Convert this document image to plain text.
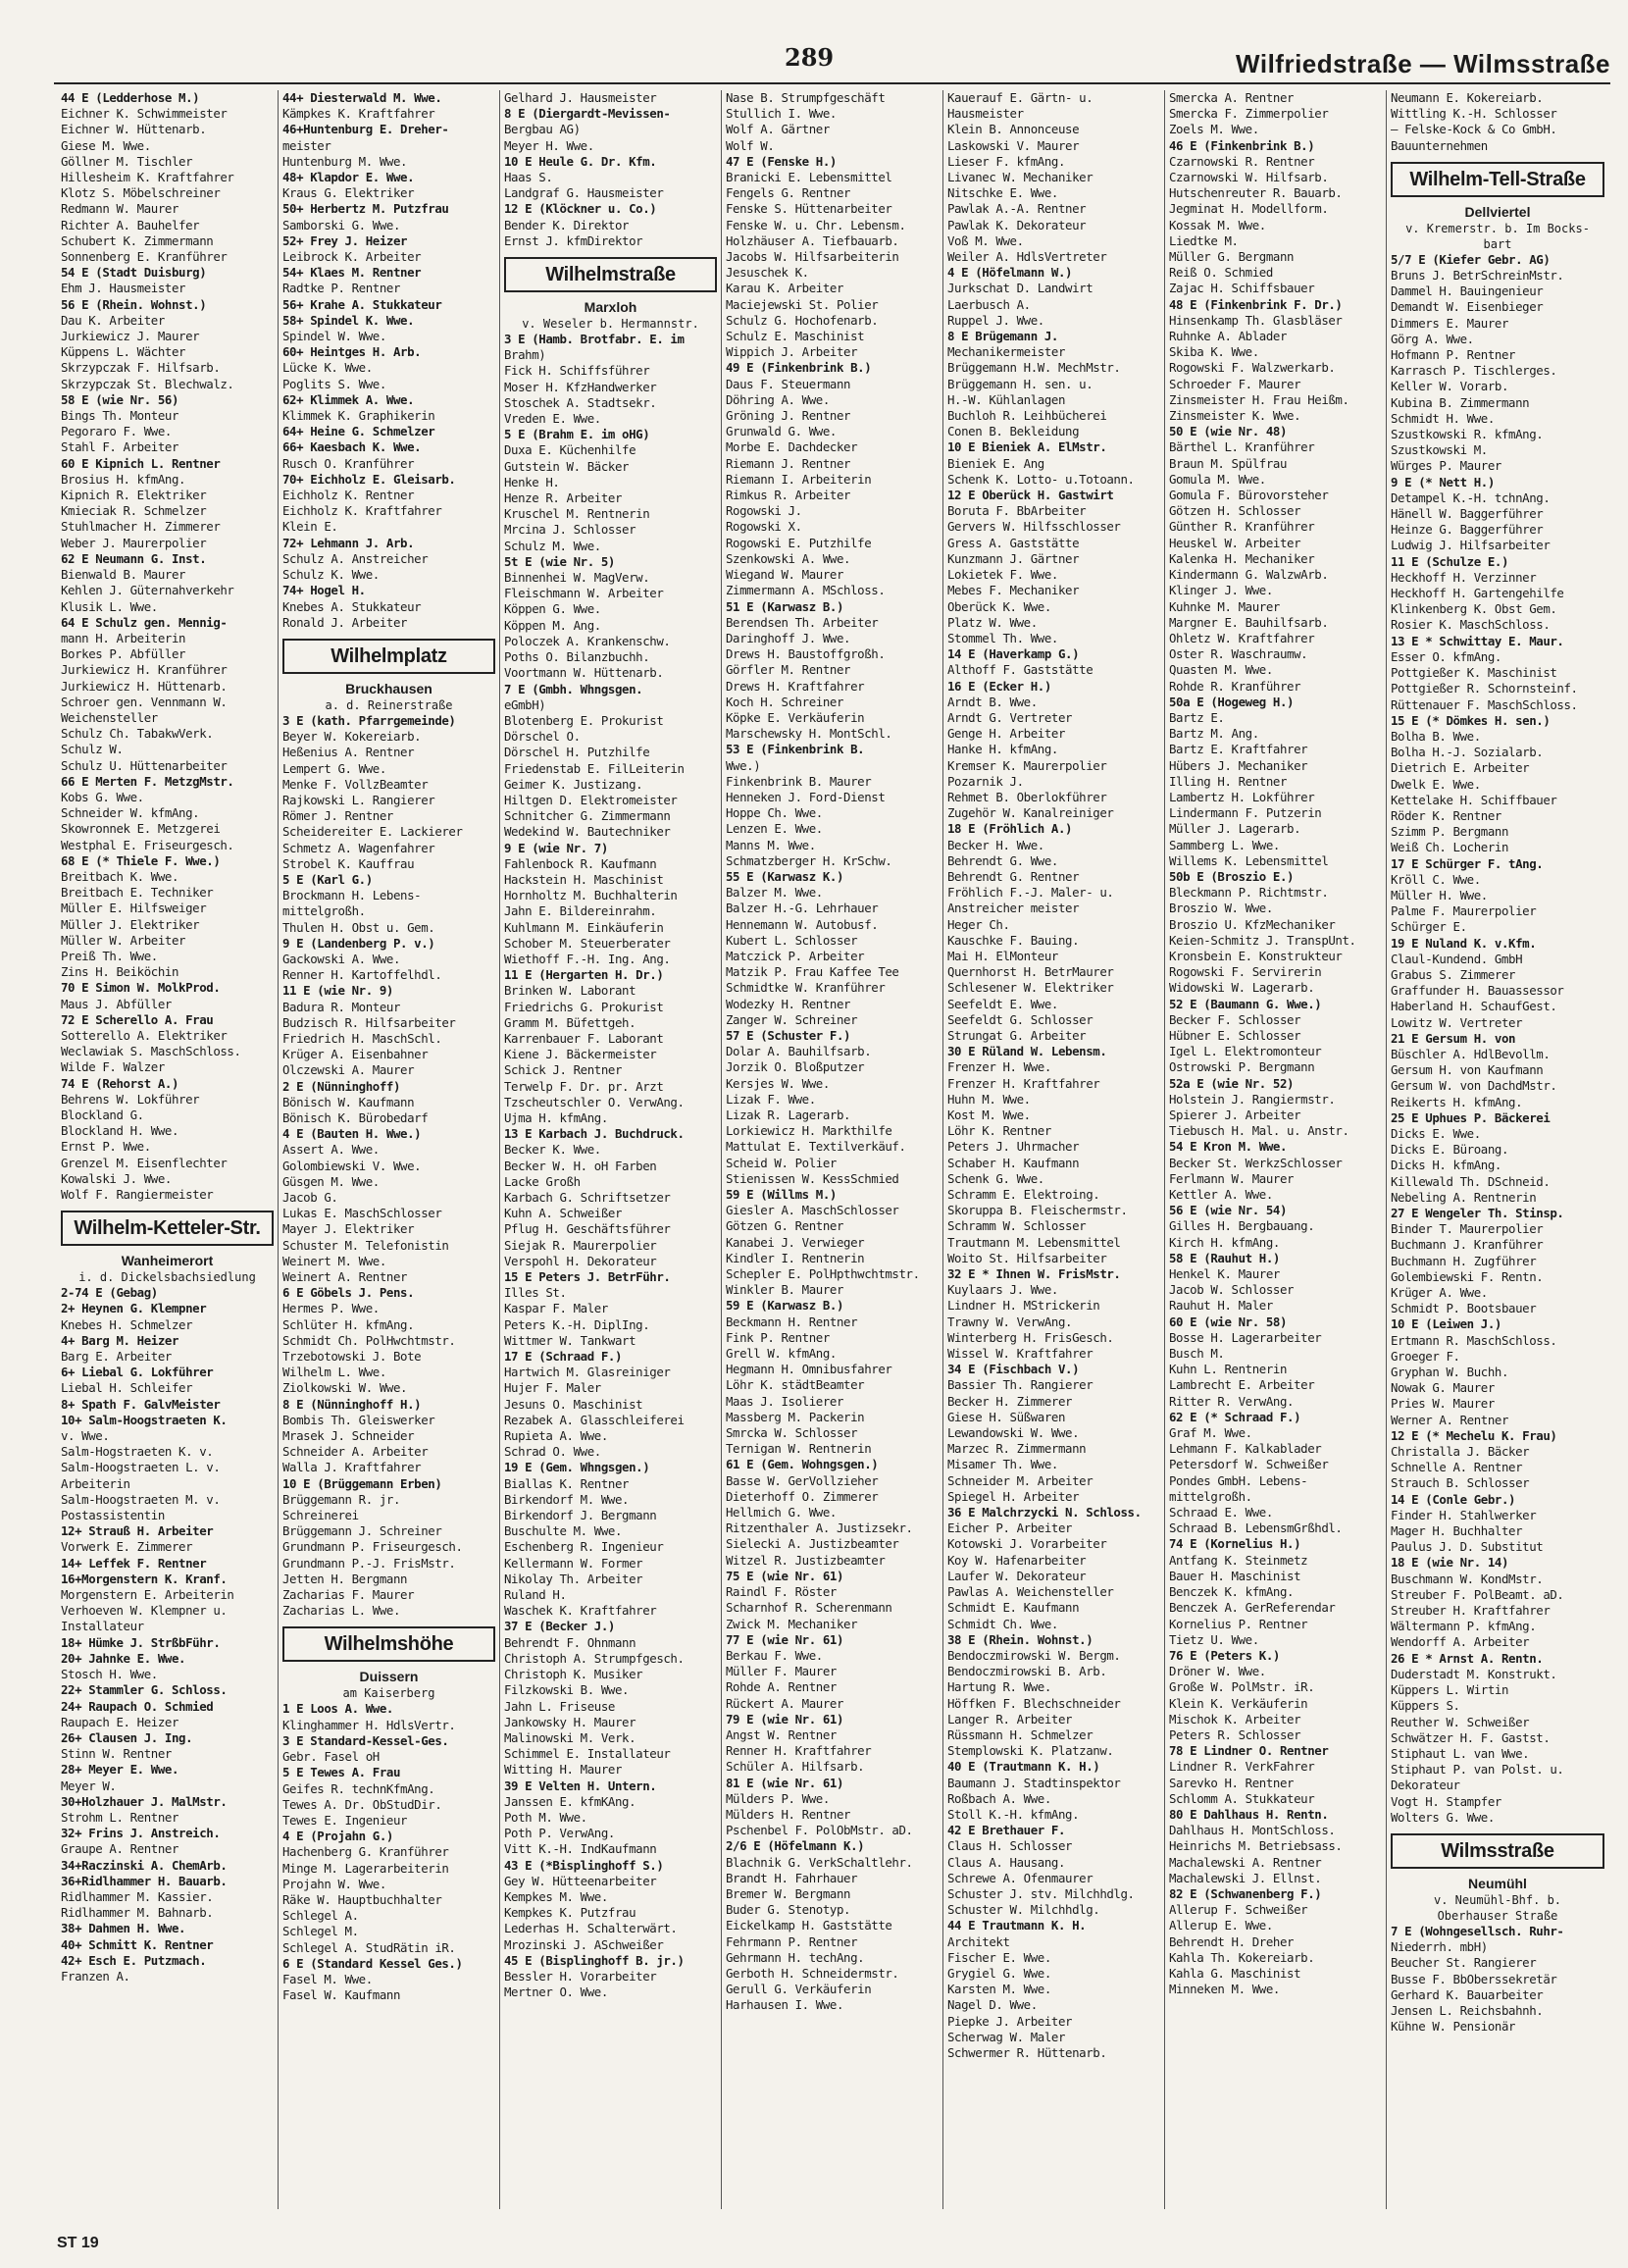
289	Wilfriedstraße — Wilmsstraße
44 E (Ledderhose M.)
Eichner K. Schwimmeister
Eichner W. Hüttenarb.
Giese M. Wwe.
Göllner M. Tischler
Hillesheim K. Kraftfahrer
Klotz S. Möbelschreiner
Redmann W. Maurer
Richter A. Bauhelfer
Schubert K. Zimmermann
Sonnenberg E. Kranführer
54 E (Stadt Duisburg)
Ehm J. Hausmeister
56 E (Rhein. Wohnst.)
Dau K. Arbeiter
Jurkiewicz J. Maurer
Küppens L. Wächter
Skrzypczak F. Hilfsarb.
Skrzypczak St. Blechwalz.
58 E (wie Nr. 56)
Bings Th. Monteur
Pegoraro F. Wwe.
Stahl F. Arbeiter
60 E Kipnich L. Rentner
Brosius H. kfmAng.
Kipnich R. Elektriker
Kmieciak R. Schmelzer
Stuhlmacher H. Zimmerer
Weber J. Maurerpolier
62 E Neumann G. Inst.
Bienwald B. Maurer
Kehlen J. Güternahverkehr
Klusik L. Wwe.
64 E Schulz gen. Mennig-
mann H. Arbeiterin
Borkes P. Abfüller
Jurkiewicz H. Kranführer
Jurkiewicz H. Hüttenarb.
Schroer gen. Vennmann W.
Weichensteller
Schulz Ch. TabakwVerk.
Schulz W.
Schulz U. Hüttenarbeiter
66 E Merten F. MetzgMstr.
Kobs G. Wwe.
Schneider W. kfmAng.
Skowronnek E. Metzgerei
Westphal E. Friseurgesch.
68 E (* Thiele F. Wwe.)
Breitbach K. Wwe.
Breitbach E. Techniker
Müller E. Hilfsweiger
Müller J. Elektriker
Müller W. Arbeiter
Preiß Th. Wwe.
Zins H. Beiköchin
70 E Simon W. MolkProd.
Maus J. Abfüller
72 E Scherello A. Frau
Sotterello A. Elektriker
Weclawiak S. MaschSchloss.
Wilde F. Walzer
74 E (Rehorst A.)
Behrens W. Lokführer
Blockland G.
Blockland H. Wwe.
Ernst P. Wwe.
Grenzel M. Eisenflechter
Kowalski J. Wwe.
Wolf F. Rangiermeister
Wilhelm-Ketteler-Str.
Wanheimerort
i. d. Dickelsbachsiedlung
2-74 E (Gebag)
2+ Heynen G. Klempner
Knebes H. Schmelzer
4+ Barg M. Heizer
Barg E. Arbeiter
6+ Liebal G. Lokführer
Liebal H. Schleifer
8+ Spath F. GalvMeister
10+ Salm-Hoogstraeten K.
v. Wwe.
Salm-Hogstraeten K. v.
Salm-Hoogstraeten L. v.
Arbeiterin
Salm-Hoogstraeten M. v.
Postassistentin
12+ Strauß H. Arbeiter
Vorwerk E. Zimmerer
14+ Leffek F. Rentner
16+Morgenstern K. Kranf.
Morgenstern E. Arbeiterin
Verhoeven W. Klempner u.
Installateur
18+ Hümke J. StrßbFühr.
20+ Jahnke E. Wwe.
Stosch H. Wwe.
22+ Stammler G. Schloss.
24+ Raupach O. Schmied
Raupach E. Heizer
26+ Clausen J. Ing.
Stinn W. Rentner
28+ Meyer E. Wwe.
Meyer W.
30+Holzhauer J. MalMstr.
Strohm L. Rentner
32+ Frins J. Anstreich.
Graupe A. Rentner
34+Raczinski A. ChemArb.
36+Ridlhammer H. Bauarb.
Ridlhammer M. Kassier.
Ridlhammer M. Bahnarb.
38+ Dahmen H. Wwe.
40+ Schmitt K. Rentner
42+ Esch E. Putzmach.
Franzen A.
44+ Diesterwald M. Wwe.
Kämpkes K. Kraftfahrer
46+Huntenburg E. Dreher-
meister
Huntenburg M. Wwe.
48+ Klapdor E. Wwe.
Kraus G. Elektriker
50+ Herbertz M. Putzfrau
Samborski G. Wwe.
52+ Frey J. Heizer
Leibrock K. Arbeiter
54+ Klaes M. Rentner
Radtke P. Rentner
56+ Krahe A. Stukkateur
58+ Spindel K. Wwe.
Spindel W. Wwe.
60+ Heintges H. Arb.
Lücke K. Wwe.
Poglits S. Wwe.
62+ Klimmek A. Wwe.
Klimmek K. Graphikerin
64+ Heine G. Schmelzer
66+ Kaesbach K. Wwe.
Rusch O. Kranführer
70+ Eichholz E. Gleisarb.
Eichholz K. Rentner
Eichholz K. Kraftfahrer
Klein E.
72+ Lehmann J. Arb.
Schulz A. Anstreicher
Schulz K. Wwe.
74+ Hogel H.
Knebes A. Stukkateur
Ronald J. Arbeiter
Wilhelmplatz
Bruckhausen
a. d. Reinerstraße
3 E (kath. Pfarrgemeinde)
Beyer W. Kokereiarb.
Heßenius A. Rentner
Lempert G. Wwe.
Menke F. VollzBeamter
Rajkowski L. Rangierer
Römer J. Rentner
Scheidereiter E. Lackierer
Schmetz A. Wagenfahrer
Strobel K. Kauffrau
5 E (Karl G.)
Brockmann H. Lebens-
mittelgroßh.
Thulen H. Obst u. Gem.
9 E (Landenberg P. v.)
Gackowski A. Wwe.
Renner H. Kartoffelhdl.
11 E (wie Nr. 9)
Badura R. Monteur
Budzisch R. Hilfsarbeiter
Friedrich H. MaschSchl.
Krüger A. Eisenbahner
Olczewski A. Maurer
2 E (Nünninghoff)
Bönisch W. Kaufmann
Bönisch K. Bürobedarf
4 E (Bauten H. Wwe.)
Assert A. Wwe.
Golombiewski V. Wwe.
Güsgen M. Wwe.
Jacob G.
Lukas E. MaschSchlosser
Mayer J. Elektriker
Schuster M. Telefonistin
Weinert M. Wwe.
Weinert A. Rentner
6 E Göbels J. Pens.
Hermes P. Wwe.
Schlüter H. kfmAng.
Schmidt Ch. PolHwchtmstr.
Trzebotowski J. Bote
Wilhelm L. Wwe.
Ziolkowski W. Wwe.
8 E (Nünninghoff H.)
Bombis Th. Gleiswerker
Mrasek J. Schneider
Schneider A. Arbeiter
Walla J. Kraftfahrer
10 E (Brüggemann Erben)
Brüggemann R. jr.
Schreinerei
Brüggemann J. Schreiner
Grundmann P. Friseurgesch.
Grundmann P.-J. FrisMstr.
Jetten H. Bergmann
Zacharias F. Maurer
Zacharias L. Wwe.
Wilhelmshöhe
Duissern
am Kaiserberg
1 E Loos A. Wwe.
Klinghammer H. HdlsVertr.
3 E Standard-Kessel-Ges.
Gebr. Fasel oH
5 E Tewes A. Frau
Geifes R. technKfmAng.
Tewes A. Dr. ObStudDir.
Tewes E. Ingenieur
4 E (Projahn G.)
Hachenberg G. Kranführer
Minge M. Lagerarbeiterin
Projahn W. Wwe.
Räke W. Hauptbuchhalter
Schlegel A.
Schlegel M.
Schlegel A. StudRätin iR.
6 E (Standard Kessel Ges.)
Fasel M. Wwe.
Fasel W. Kaufmann
Gelhard J. Hausmeister
8 E (Diergardt-Mevissen-
Bergbau AG)
Meyer H. Wwe.
10 E Heule G. Dr. Kfm.
Haas S.
Landgraf G. Hausmeister
12 E (Klöckner u. Co.)
Bender K. Direktor
Ernst J. kfmDirektor
Wilhelmstraße
Marxloh
v. Weseler b. Hermannstr.
3 E (Hamb. Brotfabr. E. im
Brahm)
Fick H. Schiffsführer
Moser H. KfzHandwerker
Stoschek A. Stadtsekr.
Vreden E. Wwe.
5 E (Brahm E. im oHG)
Duxa E. Küchenhilfe
Gutstein W. Bäcker
Henke H.
Henze R. Arbeiter
Kruschel M. Rentnerin
Mrcina J. Schlosser
Schulz M. Wwe.
5t E (wie Nr. 5)
Binnenhei W. MagVerw.
Fleischmann W. Arbeiter
Köppen G. Wwe.
Köppen M. Ang.
Poloczek A. Krankenschw.
Poths O. Bilanzbuchh.
Voortmann W. Hüttenarb.
7 E (Gmbh. Whngsgen.
eGmbH)
Blotenberg E. Prokurist
Dörschel O.
Dörschel H. Putzhilfe
Friedenstab E. FilLeiterin
Geimer K. Justizang.
Hiltgen D. Elektromeister
Schnitcher G. Zimmermann
Wedekind W. Bautechniker
9 E (wie Nr. 7)
Fahlenbock R. Kaufmann
Hackstein H. Maschinist
Hornholtz M. Buchhalterin
Jahn E. Bildereinrahm.
Kuhlmann M. Einkäuferin
Schober M. Steuerberater
Wiethoff F.-H. Ing. Ang.
11 E (Hergarten H. Dr.)
Brinken W. Laborant
Friedrichs G. Prokurist
Gramm M. Büfettgeh.
Karrenbauer F. Laborant
Kiene J. Bäckermeister
Schick J. Rentner
Terwelp F. Dr. pr. Arzt
Tzscheutschler O. VerwAng.
Ujma H. kfmAng.
13 E Karbach J. Buchdruck.
Becker K. Wwe.
Becker W. H. oH Farben
Lacke Großh
Karbach G. Schriftsetzer
Kuhn A. Schweißer
Pflug H. Geschäftsführer
Siejak R. Maurerpolier
Verspohl H. Dekorateur
15 E Peters J. BetrFühr.
Illes St.
Kaspar F. Maler
Peters K.-H. DiplIng.
Wittmer W. Tankwart
17 E (Schraad F.)
Hartwich M. Glasreiniger
Hujer F. Maler
Jesuns O. Maschinist
Rezabek A. Glasschleiferei
Rupieta A. Wwe.
Schrad O. Wwe.
19 E (Gem. Whngsgen.)
Biallas K. Rentner
Birkendorf M. Wwe.
Birkendorf J. Bergmann
Buschulte M. Wwe.
Eschenberg R. Ingenieur
Kellermann W. Former
Nikolay Th. Arbeiter
Ruland H.
Waschek K. Kraftfahrer
37 E (Becker J.)
Behrendt F. Ohnmann
Christoph A. Strumpfgesch.
Christoph K. Musiker
Filzkowski B. Wwe.
Jahn L. Friseuse
Jankowsky H. Maurer
Malinowski M. Verk.
Schimmel E. Installateur
Witting H. Maurer
39 E Velten H. Untern.
Janssen E. kfmKAng.
Poth M. Wwe.
Poth P. VerwAng.
Vitt K.-H. IndKaufmann
43 E (*Bisplinghoff S.)
Gey W. Hütteenarbeiter
Kempkes M. Wwe.
Kempkes K. Putzfrau
Lederhas H. Schalterwärt.
Mrozinski J. ASchweißer
45 E (Bisplinghoff B. jr.)
Bessler H. Vorarbeiter
Mertner O. Wwe.
Nase B. Strumpfgeschäft
Stullich I. Wwe.
Wolf A. Gärtner
Wolf W.
47 E (Fenske H.)
Branicki E. Lebensmittel
Fengels G. Rentner
Fenske S. Hüttenarbeiter
Fenske W. u. Chr. Lebensm.
Holzhäuser A. Tiefbauarb.
Jacobs W. Hilfsarbeiterin
Jesuschek K.
Karau K. Arbeiter
Maciejewski St. Polier
Schulz G. Hochofenarb.
Schulz E. Maschinist
Wippich J. Arbeiter
49 E (Finkenbrink B.)
Daus F. Steuermann
Döhring A. Wwe.
Gröning J. Rentner
Grunwald G. Wwe.
Morbe E. Dachdecker
Riemann J. Rentner
Riemann I. Arbeiterin
Rimkus R. Arbeiter
Rogowski J.
Rogowski X.
Rogowski E. Putzhilfe
Szenkowski A. Wwe.
Wiegand W. Maurer
Zimmermann A. MSchloss.
51 E (Karwasz B.)
Berendsen Th. Arbeiter
Daringhoff J. Wwe.
Drews H. Baustoffgroßh.
Görfler M. Rentner
Drews H. Kraftfahrer
Koch H. Schreiner
Köpke E. Verkäuferin
Marschewsky H. MontSchl.
53 E (Finkenbrink B.
Wwe.)
Finkenbrink B. Maurer
Henneken J. Ford-Dienst
Hoppe Ch. Wwe.
Lenzen E. Wwe.
Manns M. Wwe.
Schmatzberger H. KrSchw.
55 E (Karwasz K.)
Balzer M. Wwe.
Balzer H.-G. Lehrhauer
Hennemann W. Autobusf.
Kubert L. Schlosser
Matczick P. Arbeiter
Matzik P. Frau Kaffee Tee
Schmidtke W. Kranführer
Wodezky H. Rentner
Zanger W. Schreiner
57 E (Schuster F.)
Dolar A. Bauhilfsarb.
Jorzik O. Bloßputzer
Kersjes W. Wwe.
Lizak F. Wwe.
Lizak R. Lagerarb.
Lorkiewicz H. Markthilfe
Mattulat E. Textilverkäuf.
Scheid W. Polier
Stienissen W. KessSchmied
59 E (Willms M.)
Giesler A. MaschSchlosser
Götzen G. Rentner
Kanabei J. Verwieger
Kindler I. Rentnerin
Schepler E. PolHpthwchtmstr.
Winkler B. Maurer
59 E (Karwasz B.)
Beckmann H. Rentner
Fink P. Rentner
Grell W. kfmAng.
Hegmann H. Omnibusfahrer
Löhr K. städtBeamter
Maas J. Isolierer
Massberg M. Packerin
Smrcka W. Schlosser
Ternigan W. Rentnerin
61 E (Gem. Wohngsgen.)
Basse W. GerVollzieher
Dieterhoff O. Zimmerer
Hellmich G. Wwe.
Ritzenthaler A. Justizsekr.
Sielecki A. Justizbeamter
Witzel R. Justizbeamter
75 E (wie Nr. 61)
Raindl F. Röster
Scharnhof R. Scherenmann
Zwick M. Mechaniker
77 E (wie Nr. 61)
Berkau F. Wwe.
Müller F. Maurer
Rohde A. Rentner
Rückert A. Maurer
79 E (wie Nr. 61)
Angst W. Rentner
Renner H. Kraftfahrer
Schüler A. Hilfsarb.
81 E (wie Nr. 61)
Mülders P. Wwe.
Mülders H. Rentner
Pschenbel F. PolObMstr. aD.
2/6 E (Höfelmann K.)
Blachnik G. VerkSchaltlehr.
Brandt H. Fahrhauer
Bremer W. Bergmann
Buder G. Stenotyp.
Eickelkamp H. Gaststätte
Fehrmann P. Rentner
Gehrmann H. techAng.
Gerboth H. Schneidermstr.
Gerull G. Verkäuferin
Harhausen I. Wwe.
Kauerauf E. Gärtn- u.
Hausmeister
Klein B. Annonceuse
Laskowski V. Maurer
Lieser F. kfmAng.
Livanec W. Mechaniker
Nitschke E. Wwe.
Pawlak A.-A. Rentner
Pawlak K. Dekorateur
Voß M. Wwe.
Weiler A. HdlsVertreter
4 E (Höfelmann W.)
Jurkschat D. Landwirt
Laerbusch A.
Ruppel J. Wwe.
8 E Brügemann J.
Mechanikermeister
Brüggemann H.W. MechMstr.
Brüggemann H. sen. u.
H.-W. Kühlanlagen
Buchloh R. Leihbücherei
Conen B. Bekleidung
10 E Bieniek A. ElMstr.
Bieniek E. Ang
Schenk K. Lotto- u.Totoann.
12 E Oberück H. Gastwirt
Boruta F. BbArbeiter
Gervers W. Hilfsschlosser
Gress A. Gaststätte
Kunzmann J. Gärtner
Lokietek F. Wwe.
Mebes F. Mechaniker
Oberück K. Wwe.
Platz W. Wwe.
Stommel Th. Wwe.
14 E (Haverkamp G.)
Althoff F. Gaststätte
16 E (Ecker H.)
Arndt B. Wwe.
Arndt G. Vertreter
Genge H. Arbeiter
Hanke H. kfmAng.
Kremser K. Maurerpolier
Pozarnik J.
Rehmet B. Oberlokführer
Zugehör W. Kanalreiniger
18 E (Fröhlich A.)
Becker H. Wwe.
Behrendt G. Wwe.
Behrendt G. Rentner
Fröhlich F.-J. Maler- u.
Anstreicher meister
Heger Ch.
Kauschke F. Bauing.
Mai H. ElMonteur
Quernhorst H. BetrMaurer
Schlesener W. Elektriker
Seefeldt E. Wwe.
Seefeldt G. Schlosser
Strungat G. Arbeiter
30 E Rüland W. Lebensm.
Frenzer H. Wwe.
Frenzer H. Kraftfahrer
Huhn M. Wwe.
Kost M. Wwe.
Löhr K. Rentner
Peters J. Uhrmacher
Schaber H. Kaufmann
Schenk G. Wwe.
Schramm E. Elektroing.
Skoruppa B. Fleischermstr.
Schramm W. Schlosser
Trautmann M. Lebensmittel
Woito St. Hilfsarbeiter
32 E * Ihnen W. FrisMstr.
Kuylaars J. Wwe.
Lindner H. MStrickerin
Trawny W. VerwAng.
Winterberg H. FrisGesch.
Wissel W. Kraftfahrer
34 E (Fischbach V.)
Bassier Th. Rangierer
Becker H. Zimmerer
Giese H. Süßwaren
Lewandowski W. Wwe.
Marzec R. Zimmermann
Misamer Th. Wwe.
Schneider M. Arbeiter
Spiegel H. Arbeiter
36 E Malchrzycki N. Schloss.
Eicher P. Arbeiter
Kotowski J. Vorarbeiter
Koy W. Hafenarbeiter
Laufer W. Dekorateur
Pawlas A. Weichensteller
Schmidt E. Kaufmann
Schmidt Ch. Wwe.
38 E (Rhein. Wohnst.)
Bendoczmirowski W. Bergm.
Bendoczmirowski B. Arb.
Hartung R. Wwe.
Höffken F. Blechschneider
Langer R. Arbeiter
Rüssmann H. Schmelzer
Stemplowski K. Platzanw.
40 E (Trautmann K. H.)
Baumann J. Stadtinspektor
Roßbach A. Wwe.
Stoll K.-H. kfmAng.
42 E Brethauer F.
Claus H. Schlosser
Claus A. Hausang.
Schrewe A. Ofenmaurer
Schuster J. stv. Milchhdlg.
Schuster W. Milchhdlg.
44 E Trautmann K. H.
Architekt
Fischer E. Wwe.
Grygiel G. Wwe.
Karsten M. Wwe.
Nagel D. Wwe.
Piepke J. Arbeiter
Scherwag W. Maler
Schwermer R. Hüttenarb.
Smercka A. Rentner
Smercka F. Zimmerpolier
Zoels M. Wwe.
46 E (Finkenbrink B.)
Czarnowski R. Rentner
Czarnowski W. Hilfsarb.
Hutschenreuter R. Bauarb.
Jegminat H. Modellform.
Kossak M. Wwe.
Liedtke M.
Müller G. Bergmann
Reiß O. Schmied
Zajac H. Schiffsbauer
48 E (Finkenbrink F. Dr.)
Hinsenkamp Th. Glasbläser
Ruhnke A. Ablader
Skiba K. Wwe.
Rogowski F. Walzwerkarb.
Schroeder F. Maurer
Zinsmeister H. Frau Heißm.
Zinsmeister K. Wwe.
50 E (wie Nr. 48)
Bärthel L. Kranführer
Braun M. Spülfrau
Gomula M. Wwe.
Gomula F. Bürovorsteher
Götzen H. Schlosser
Günther R. Kranführer
Heuskel W. Arbeiter
Kalenka H. Mechaniker
Kindermann G. WalzwArb.
Klinger J. Wwe.
Kuhnke M. Maurer
Margner E. Bauhilfsarb.
Ohletz W. Kraftfahrer
Oster R. Waschraumw.
Quasten M. Wwe.
Rohde R. Kranführer
50a E (Hogeweg H.)
Bartz E.
Bartz M. Ang.
Bartz E. Kraftfahrer
Hübers J. Mechaniker
Illing H. Rentner
Lambertz H. Lokführer
Lindermann F. Putzerin
Müller J. Lagerarb.
Sammberg L. Wwe.
Willems K. Lebensmittel
50b E (Broszio E.)
Bleckmann P. Richtmstr.
Broszio W. Wwe.
Broszio U. KfzMechaniker
Keien-Schmitz J. TranspUnt.
Kronsbein E. Konstrukteur
Rogowski F. Servirerin
Widowski W. Lagerarb.
52 E (Baumann G. Wwe.)
Becker F. Schlosser
Hübner E. Schlosser
Igel L. Elektromonteur
Ostrowski P. Bergmann
52a E (wie Nr. 52)
Holstein J. Rangiermstr.
Spierer J. Arbeiter
Tiebusch H. Mal. u. Anstr.
54 E Kron M. Wwe.
Becker St. WerkzSchlosser
Ferlmann W. Maurer
Kettler A. Wwe.
56 E (wie Nr. 54)
Gilles H. Bergbauang.
Kirch H. kfmAng.
58 E (Rauhut H.)
Henkel K. Maurer
Jacob W. Schlosser
Rauhut H. Maler
60 E (wie Nr. 58)
Bosse H. Lagerarbeiter
Busch M.
Kuhn L. Rentnerin
Lambrecht E. Arbeiter
Ritter R. VerwAng.
62 E (* Schraad F.)
Graf M. Wwe.
Lehmann F. Kalkablader
Petersdorf W. Schweißer
Pondes GmbH. Lebens-
mittelgroßh.
Schraad E. Wwe.
Schraad B. LebensmGrßhdl.
74 E (Kornelius H.)
Antfang K. Steinmetz
Bauer H. Maschinist
Benczek K. kfmAng.
Benczek A. GerReferendar
Kornelius P. Rentner
Tietz U. Wwe.
76 E (Peters K.)
Dröner W. Wwe.
Große W. PolMstr. iR.
Klein K. Verkäuferin
Mischok K. Arbeiter
Peters R. Schlosser
78 E Lindner O. Rentner
Lindner R. VerkFahrer
Sarevko H. Rentner
Schlomm A. Stukkateur
80 E Dahlhaus H. Rentn.
Dahlhaus H. MontSchloss.
Heinrichs M. Betriebsass.
Machalewski A. Rentner
Machalewski J. Ellnst.
82 E (Schwanenberg F.)
Allerup F. Schweißer
Allerup E. Wwe.
Behrendt H. Dreher
Kahla Th. Kokereiarb.
Kahla G. Maschinist
Minneken M. Wwe.
Neumann E. Kokereiarb.
Wittling K.-H. Schlosser
— Felske-Kock & Co GmbH.
Bauunternehmen
Wilhelm-Tell-Straße
Dellviertel
v. Kremerstr. b. Im Bocks-
bart
5/7 E (Kiefer Gebr. AG)
Bruns J. BetrSchreinMstr.
Dammel H. Bauingenieur
Demandt W. Eisenbieger
Dimmers E. Maurer
Görg A. Wwe.
Hofmann P. Rentner
Karrasch P. Tischlerges.
Keller W. Vorarb.
Kubina B. Zimmermann
Schmidt H. Wwe.
Szustkowski R. kfmAng.
Szustkowski M.
Würges P. Maurer
9 E (* Nett H.)
Detampel K.-H. tchnAng.
Hänell W. Baggerführer
Heinze G. Baggerführer
Ludwig J. Hilfsarbeiter
11 E (Schulze E.)
Heckhoff H. Verzinner
Heckhoff H. Gartengehilfe
Klinkenberg K. Obst Gem.
Rosier K. MaschSchloss.
13 E * Schwittay E. Maur.
Esser O. kfmAng.
Pottgießer K. Maschinist
Pottgießer R. Schornsteinf.
Rüttenauer F. MaschSchloss.
15 E (* Dömkes H. sen.)
Bolha B. Wwe.
Bolha H.-J. Sozialarb.
Dietrich E. Arbeiter
Dwelk E. Wwe.
Kettelake H. Schiffbauer
Röder K. Rentner
Szimm P. Bergmann
Weiß Ch. Locherin
17 E Schürger F. tAng.
Kröll C. Wwe.
Müller H. Wwe.
Palme F. Maurerpolier
Schürger E.
19 E Nuland K. v.Kfm.
Claul-Kundend. GmbH
Grabus S. Zimmerer
Graffunder H. Bauassessor
Haberland H. SchaufGest.
Lowitz W. Vertreter
21 E Gersum H. von
Büschler A. HdlBevollm.
Gersum H. von Kaufmann
Gersum W. von DachdMstr.
Reikerts H. kfmAng.
25 E Uphues P. Bäckerei
Dicks E. Wwe.
Dicks E. Büroang.
Dicks H. kfmAng.
Killewald Th. DSchneid.
Nebeling A. Rentnerin
27 E Wengeler Th. Stinsp.
Binder T. Maurerpolier
Buchmann J. Kranführer
Buchmann H. Zugführer
Golembiewski F. Rentn.
Krüger A. Wwe.
Schmidt P. Bootsbauer
10 E (Leiwen J.)
Ertmann R. MaschSchloss.
Groeger F.
Gryphan W. Buchh.
Nowak G. Maurer
Pries W. Maurer
Werner A. Rentner
12 E (* Mechelu K. Frau)
Christalla J. Bäcker
Schnelle A. Rentner
Strauch B. Schlosser
14 E (Conle Gebr.)
Finder H. Stahlwerker
Mager H. Buchhalter
Paulus J. D. Substitut
18 E (wie Nr. 14)
Buschmann W. KondMstr.
Streuber F. PolBeamt. aD.
Streuber H. Kraftfahrer
Wältermann P. kfmAng.
Wendorff A. Arbeiter
26 E * Arnst A. Rentn.
Duderstadt M. Konstrukt.
Küppers L. Wirtin
Küppers S.
Reuther W. Schweißer
Schwätzer H. F. Gastst.
Stiphaut L. van Wwe.
Stiphaut P. van Polst. u.
Dekorateur
Vogt H. Stampfer
Wolters G. Wwe.
Wilmsstraße
Neumühl
v. Neumühl-Bhf. b.
Oberhauser Straße
7 E (Wohngesellsch. Ruhr-
Niederrh. mbH)
Beucher St. Rangierer
Busse F. BbOberssekretär
Gerhard K. Bauarbeiter
Jensen L. Reichsbahnh.
Kühne W. Pensionär
ST 19
